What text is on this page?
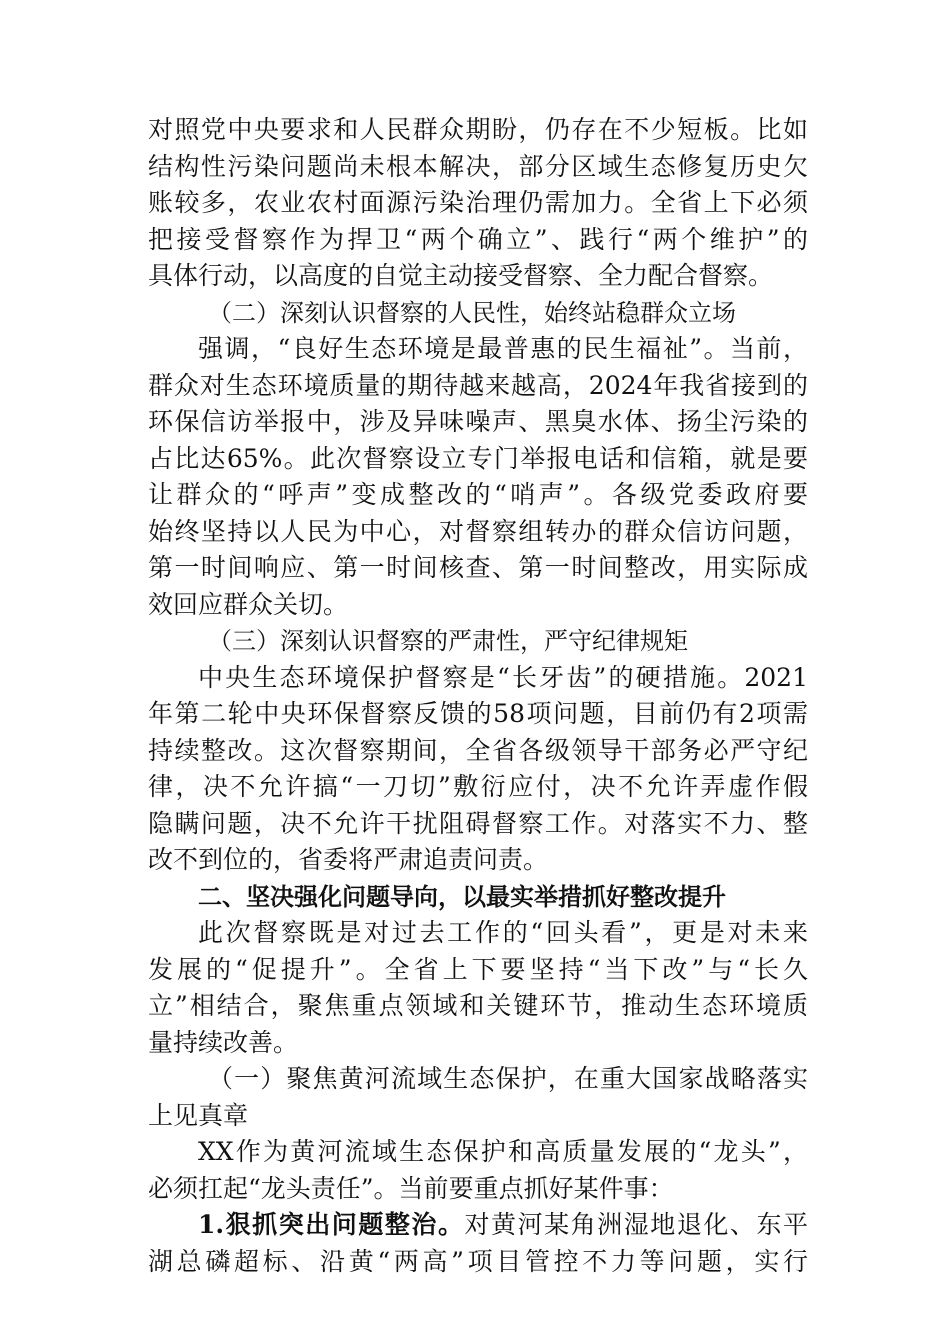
对照党中央要求和人民群众期盼，仍存在不少短板。比如
结构性污染问题尚未根本解决，部分区域生态修复历史欠
账较多，农业农村面源污染治理仍需加力。全省上下必须
把接受督察作为捍卫“两个确立”、践行“两个维护”的
具体行动，以高度的自觉主动接受督察、全力配合督察。
（二）深刻认识督察的人民性，始终站稳群众立场
强调，“良好生态环境是最普惠的民生福祉”。当前，
群众对生态环境质量的期待越来越高，2024年我省接到的
环保信访举报中，涉及异味噪声、黑臭水体、扬尘污染的
占比达65%。此次督察设立专门举报电话和信箱，就是要
让群众的“呼声”变成整改的“哨声”。各级党委政府要
始终坚持以人民为中心，对督察组转办的群众信访问题，
第一时间响应、第一时间核查、第一时间整改，用实际成
效回应群众关切。
（三）深刻认识督察的严肃性，严守纪律规矩
中央生态环境保护督察是“长牙齿”的硬措施。2021
年第二轮中央环保督察反馈的58项问题，目前仍有2项需
持续整改。这次督察期间，全省各级领导干部务必严守纪
律，决不允许搞“一刀切”敷衍应付，决不允许弄虚作假
隐瞒问题，决不允许干扰阻碍督察工作。对落实不力、整
改不到位的，省委将严肃追责问责。
二、坚决强化问题导向，以最实举措抓好整改提升
此次督察既是对过去工作的“回头看”，更是对未来
发展的“促提升”。全省上下要坚持“当下改”与“长久
立”相结合，聚焦重点领域和关键环节，推动生态环境质
量持续改善。
（一）聚焦黄河流域生态保护，在重大国家战略落实
上见真章
XX作为黄河流域生态保护和高质量发展的“龙头”，
必须扛起“龙头责任”。当前要重点抓好某件事：
1.狠抓突出问题整治。对黄河某角洲湿地退化、东平
湖总磷超标、沿黄“两高”项目管控不力等问题，实行
